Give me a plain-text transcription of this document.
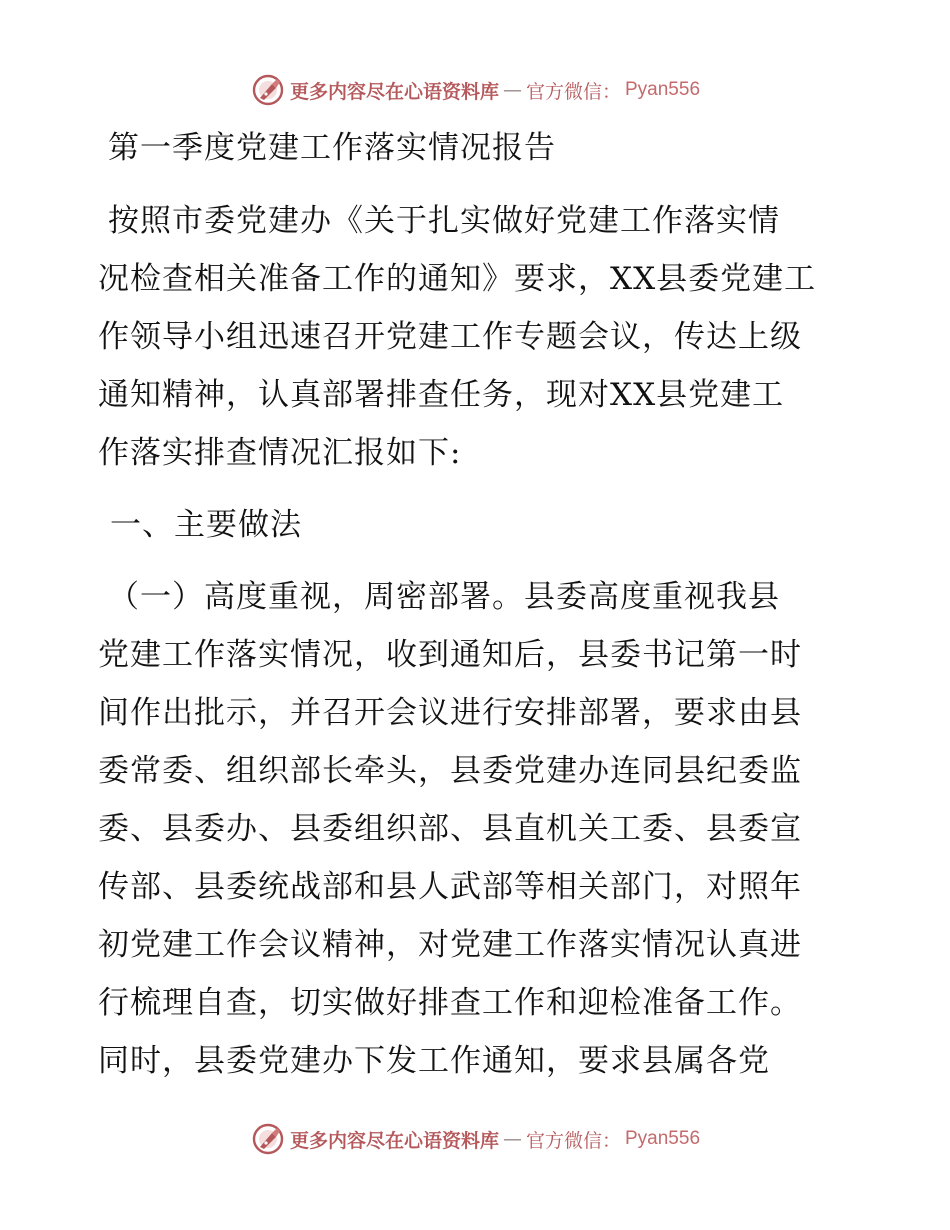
更多内容尽在心语资料库 — 官方微信： Pyan556
第一季度党建工作落实情况报告
按照市委党建办《关于扎实做好党建工作落实情
况检查相关准备工作的通知》要求，XX县委党建工
作领导小组迅速召开党建工作专题会议，传达上级
通知精神，认真部署排查任务，现对XX县党建工
作落实排查情况汇报如下:
一、主要做法
（一）高度重视，周密部署。县委高度重视我县
党建工作落实情况，收到通知后，县委书记第一时
间作出批示，并召开会议进行安排部署，要求由县
委常委、组织部长牵头，县委党建办连同县纪委监
委、县委办、县委组织部、县直机关工委、县委宣
传部、县委统战部和县人武部等相关部门，对照年
初党建工作会议精神，对党建工作落实情况认真进
行梳理自查，切实做好排查工作和迎检准备工作。
同时，县委党建办下发工作通知，要求县属各党
更多内容尽在心语资料库 — 官方微信： Pyan556
